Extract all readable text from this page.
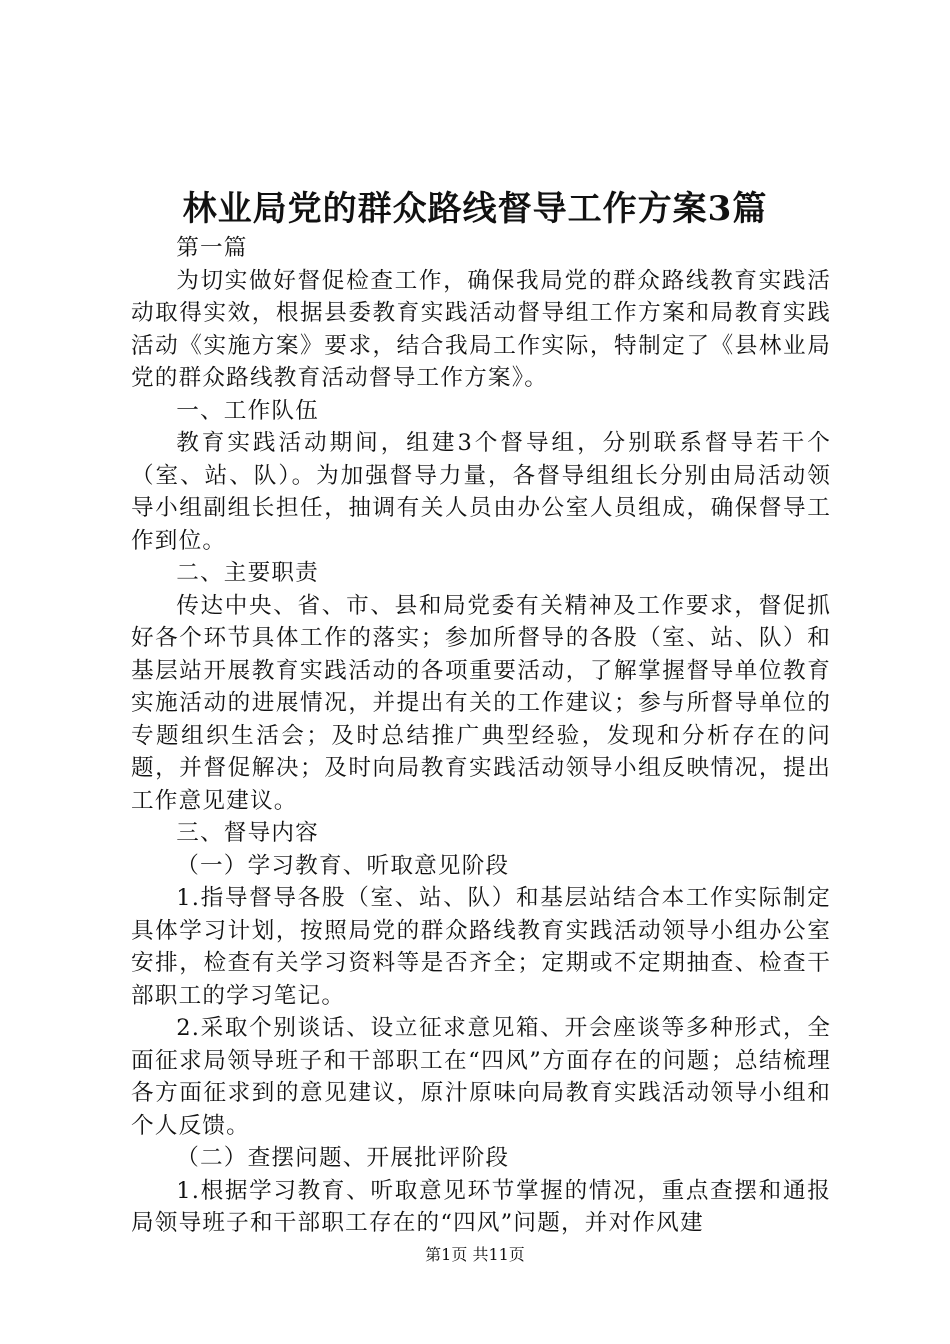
林业局党的群众路线督导工作方案3篇

第一篇

为切实做好督促检查工作，确保我局党的群众路线教育实践活动取得实效，根据县委教育实践活动督导组工作方案和局教育实践活动《实施方案》要求，结合我局工作实际，特制定了《县林业局党的群众路线教育活动督导工作方案》。

一、工作队伍

教育实践活动期间，组建3个督导组，分别联系督导若干个（室、站、队）。为加强督导力量，各督导组组长分别由局活动领导小组副组长担任，抽调有关人员由办公室人员组成，确保督导工作到位。

二、主要职责

传达中央、省、市、县和局党委有关精神及工作要求，督促抓好各个环节具体工作的落实；参加所督导的各股（室、站、队）和基层站开展教育实践活动的各项重要活动，了解掌握督导单位教育实施活动的进展情况，并提出有关的工作建议；参与所督导单位的专题组织生活会；及时总结推广典型经验，发现和分析存在的问题，并督促解决；及时向局教育实践活动领导小组反映情况，提出工作意见建议。

三、督导内容

（一）学习教育、听取意见阶段

1.指导督导各股（室、站、队）和基层站结合本工作实际制定具体学习计划，按照局党的群众路线教育实践活动领导小组办公室安排，检查有关学习资料等是否齐全；定期或不定期抽查、检查干部职工的学习笔记。

2.采取个别谈话、设立征求意见箱、开会座谈等多种形式，全面征求局领导班子和干部职工在“四风”方面存在的问题；总结梳理各方面征求到的意见建议，原汁原味向局教育实践活动领导小组和个人反馈。

（二）查摆问题、开展批评阶段

1.根据学习教育、听取意见环节掌握的情况，重点查摆和通报局领导班子和干部职工存在的“四风”问题，并对作风建

第1页 共11页
